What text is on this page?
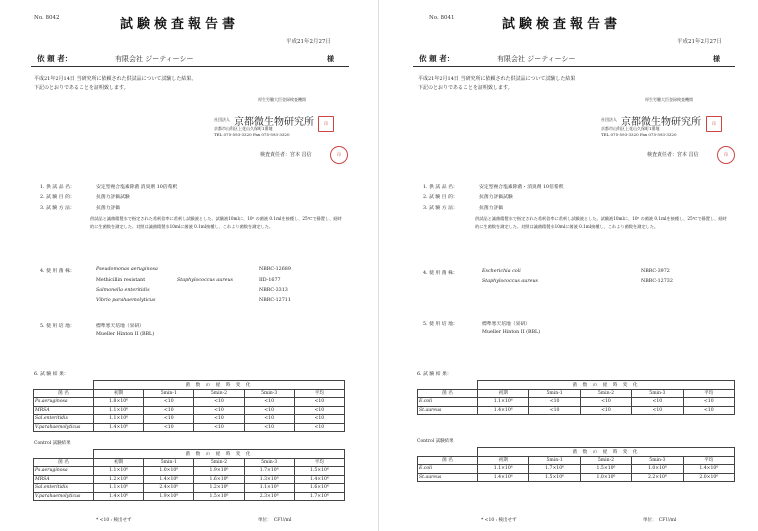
No. 8042	試験検査報告書
平成21年2月27日
依 頼 者：	有限会社 ジーティーシー	様
平成21年2月14日 当研究所に依頼された供試品について試験した結果、
下記のとおりであることを証明致します。
厚生労働大臣登録検査機関
社団法人 京都微生物研究所
京都市山科区上花山久保町1番地
TEL 075-593-3320 Fax 075-593-3320
印
検査責任者：宮本 昌信	印
1. 供 試 品 名：	安定型複合塩素除菌 消臭剤 10倍希釈
2. 試 験 目 的：	抗菌力評価試験
3. 試 験 方 法：	抗菌力評価
供試品と滅菌精製水で指定された希釈倍率に希釈し試験液とした。試験液10mlに、10⁶ の菌液 0.1mlを接種し、25℃で静置し、経時的に生菌数を測定した。対照は滅菌精製水10mlに菌液 0.1ml接種し、これより菌数を測定した。
4. 使 用 菌 株：	Pseudomonas aeruginosa	NBRC-12689
Methicillin resistant	Staphylococcus aureus	IID-1677
Salmonella enteritidis	NBRC-3313
Vibrio parahaemolyticus	NBRC-12711
5. 使 用 培 地：	標準寒天培地（栄研）
Mueller Hinton II (BBL)
6. 試 験 結 果：
	菌 数 の 経 時 変 化				
菌 名	初期	5min-1	5min-2	5min-3	平均
Ps.aeruginosa	1.8×10⁶	<10	<10	<10	<10
MRSA	1.1×10⁶	<10	<10	<10	<10
Sal.enteritidis	1.1×10⁶	<10	<10	<10	<10
V.parahaemolyticus	1.4×10⁶	<10	<10	<10	<10
Control 試験結果
	菌 数 の 経 時 変 化				
菌 名	初期	5min-1	5min-2	5min-3	平均
Ps.aeruginosa	1.1×10⁶	1.0×10⁶	1.9×10⁶	1.7×10⁶	1.5×10⁶
MRSA	1.2×10⁶	1.4×10⁶	1.6×10⁶	1.3×10⁶	1.4×10⁶
Sal.enteritidis	1.1×10⁶	2.4×10⁶	1.2×10⁶	1.1×10⁶	1.6×10⁶
V.parahaemolyticus	1.4×10⁶	1.9×10⁶	1.5×10⁶	2.3×10⁶	1.7×10⁶
* <10 : 検出せず	単位：　CFU/ml
No. 8041	試験検査報告書
平成21年2月27日
依 頼 者：	有限会社 ジーティーシー	様
平成21年2月14日 当研究所に依頼された供試品について試験した結果
下記のとおりであることを証明致します。
厚生労働大臣登録検査機関
社団法人 京都微生物研究所
京都市山科区上花山久保町1番地
TEL 075-593-3320 Fax 075-593-3320
印
検査責任者：宮本 昌信	印
1. 供 試 品 名：	安定型複合塩素除菌・消臭剤 10倍希釈
2. 試 験 目 的：	抗菌力評価試験
3. 試 験 方 法：	抗菌力評価
供試品と滅菌精製水で指定された希釈倍率に希釈し試験液とした。試験液10mlに、10⁶ の菌液 0.1mlを接種し、25℃で静置し、経時的に生菌数を測定した。対照は滅菌精製水10mlに菌液 0.1ml接種し、これより菌数を測定した。
4. 使 用 菌 株：	Escherichia coli	NBRC-3972
Staphylococcus aureus	NBRC-12732
5. 使 用 培 地：	標準寒天培地（栄研）
Mueller Hinton II (BBL)
6. 試 験 結 果：
	菌 数 の 経 時 変 化				
菌 名	初期	5min-1	5min-2	5min-3	平均
E.coli	1.1×10⁶	<10	<10	<10	<10
St.aureus	1.4×10⁶	<10	<10	<10	<10
Control 試験結果
	菌 数 の 経 時 変 化				
菌 名	初期	5min-1	5min-2	5min-3	平均
E.coli	1.1×10⁶	1.7×10⁶	1.5×10⁶	1.0×10⁶	1.4×10⁶
St.aureus	1.4×10⁶	1.5×10⁶	1.0×10⁶	2.2×10⁶	2.0×10⁶
* <10 : 検出せず	単位：　CFU/ml
